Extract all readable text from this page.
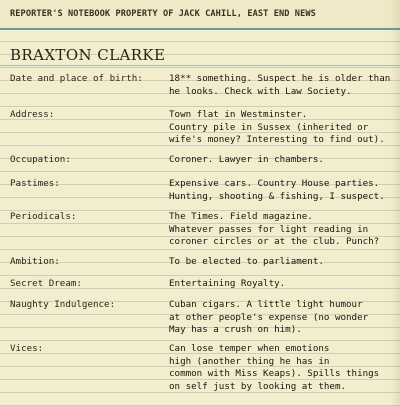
REPORTER'S NOTEBOOK PROPERTY OF JACK CAHILL, EAST END NEWS
BRAXTON CLARKE
Date and place of birth:	18** something. Suspect he is older than
he looks. Check with Law Society.
Address:	Town flat in Westminster.
Country pile in Sussex (inherited or
wife's money? Interesting to find out).
Occupation:	Coroner. Lawyer in chambers.
Pastimes:	Expensive cars. Country House parties.
Hunting, shooting & fishing, I suspect.
Periodicals:	The Times. Field magazine.
Whatever passes for light reading in
coroner circles or at the club. Punch?
Ambition:	To be elected to parliament.
Secret Dream:	Entertaining Royalty.
Naughty Indulgence:	Cuban cigars. A little light humour
at other people's expense (no wonder
May has a crush on him).
Vices:	Can lose temper when emotions
high (another thing he has in
common with Miss Keaps). Spills things
on self just by looking at them.
